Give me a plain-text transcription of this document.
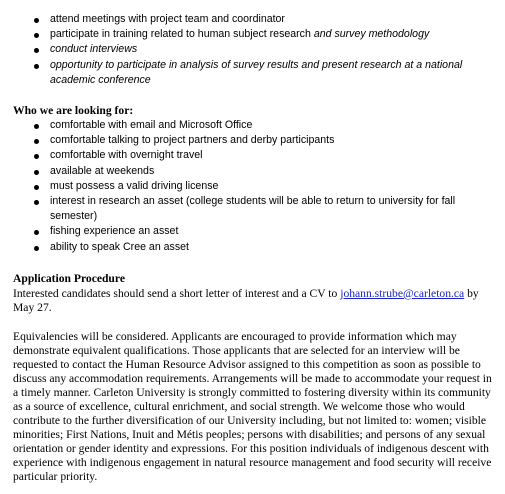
attend meetings with project team and coordinator
participate in training related to human subject research and survey methodology
conduct interviews
opportunity to participate in analysis of survey results and present research at a national academic conference
Who we are looking for:
comfortable with email and Microsoft Office
comfortable talking to project partners and derby participants
comfortable with overnight travel
available at weekends
must possess a valid driving license
interest in research an asset (college students will be able to return to university for fall semester)
fishing experience an asset
ability to speak Cree an asset
Application Procedure
Interested candidates should send a short letter of interest and a CV to johann.strube@carleton.ca by May 27.
Equivalencies will be considered. Applicants are encouraged to provide information which may demonstrate equivalent qualifications. Those applicants that are selected for an interview will be requested to contact the Human Resource Advisor assigned to this competition as soon as possible to discuss any accommodation requirements. Arrangements will be made to accommodate your request in a timely manner. Carleton University is strongly committed to fostering diversity within its community as a source of excellence, cultural enrichment, and social strength. We welcome those who would contribute to the further diversification of our University including, but not limited to: women; visible minorities; First Nations, Inuit and Métis peoples; persons with disabilities; and persons of any sexual orientation or gender identity and expressions. For this position individuals of indigenous descent with experience with indigenous engagement in natural resource management and food security will receive particular priority.
